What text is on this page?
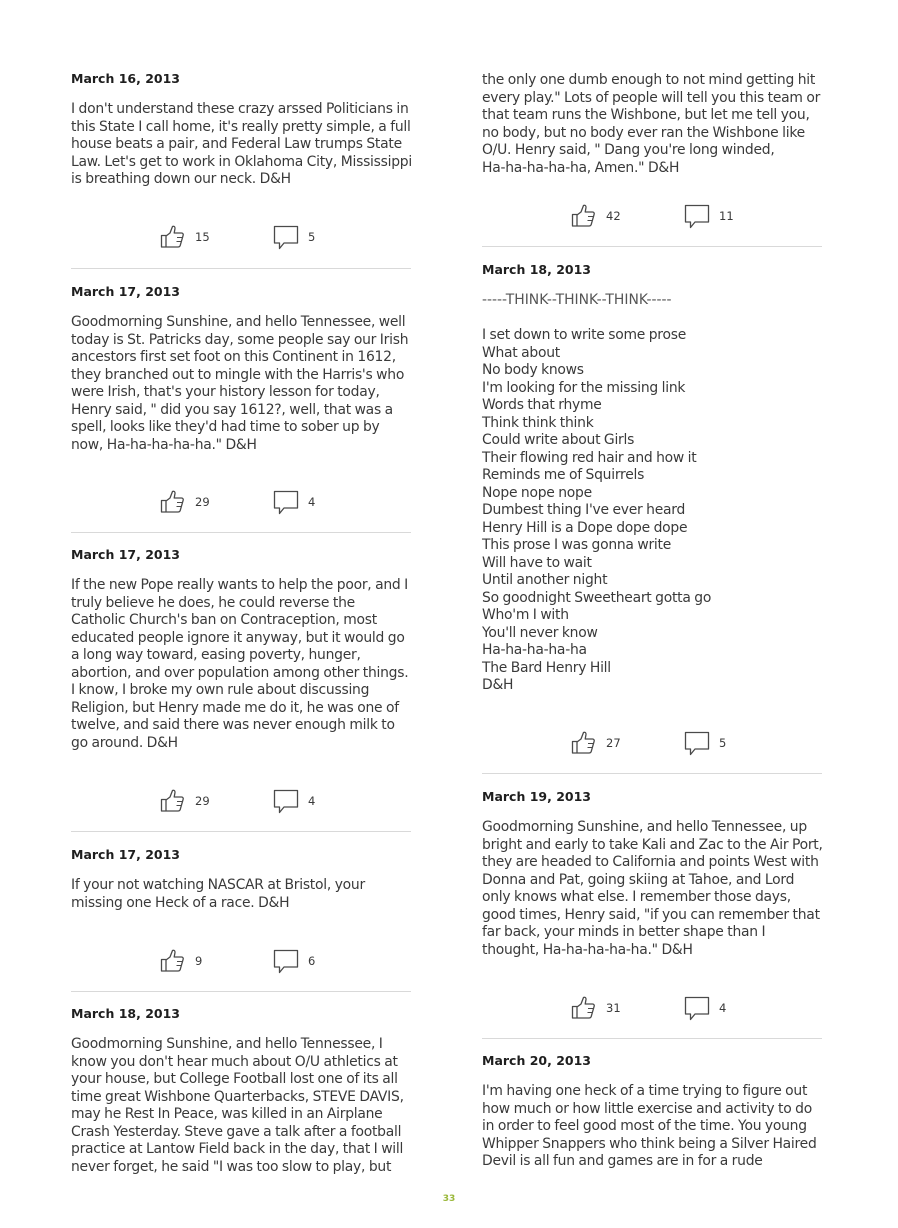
March 16, 2013
I don't understand these crazy arssed Politicians in
this State I call home, it's really pretty simple, a full
house beats a pair, and Federal Law trumps State
Law. Let's get to work in Oklahoma City, Mississippi
is breathing down our neck. D&H
15	5
March 17, 2013
Goodmorning Sunshine, and hello Tennessee, well
today is St. Patricks day, some people say our Irish
ancestors first set foot on this Continent in 1612,
they branched out to mingle with the Harris's who
were Irish, that's your history lesson for today,
Henry said, " did you say 1612?, well, that was a
spell, looks like they'd had time to sober up by
now, Ha-ha-ha-ha-ha." D&H
29	4
March 17, 2013
If the new Pope really wants to help the poor, and I
truly believe he does, he could reverse the
Catholic Church's ban on Contraception, most
educated people ignore it anyway, but it would go
a long way toward, easing poverty, hunger,
abortion, and over population among other things.
I know, I broke my own rule about discussing
Religion, but Henry made me do it, he was one of
twelve, and said there was never enough milk to
go around. D&H
29	4
March 17, 2013
If your not watching NASCAR at Bristol, your
missing one Heck of a race. D&H
9	6
March 18, 2013
Goodmorning Sunshine, and hello Tennessee, I
know you don't hear much about O/U athletics at
your house, but College Football lost one of its all
time great Wishbone Quarterbacks, STEVE DAVIS,
may he Rest In Peace, was killed in an Airplane
Crash Yesterday. Steve gave a talk after a football
practice at Lantow Field back in the day, that I will
never forget, he said "I was too slow to play, but
the only one dumb enough to not mind getting hit
every play." Lots of people will tell you this team or
that team runs the Wishbone, but let me tell you,
no body, but no body ever ran the Wishbone like
O/U. Henry said, " Dang you're long winded,
Ha-ha-ha-ha-ha, Amen." D&H
42	11
March 18, 2013
-----THINK--THINK--THINK-----
I set down to write some prose
What about
No body knows
I'm looking for the missing link
Words that rhyme
Think think think
Could write about Girls
Their flowing red hair and how it
Reminds me of Squirrels
Nope nope nope
Dumbest thing I've ever heard
Henry Hill is a Dope dope dope
This prose I was gonna write
Will have to wait
Until another night
So goodnight Sweetheart gotta go
Who'm I with
You'll never know
Ha-ha-ha-ha-ha
The Bard Henry Hill
D&H
27	5
March 19, 2013
Goodmorning Sunshine, and hello Tennessee, up
bright and early to take Kali and Zac to the Air Port,
they are headed to California and points West with
Donna and Pat, going skiing at Tahoe, and Lord
only knows what else. I remember those days,
good times, Henry said, "if you can remember that
far back, your minds in better shape than I
thought, Ha-ha-ha-ha-ha." D&H
31	4
March 20, 2013
I'm having one heck of a time trying to figure out
how much or how little exercise and activity to do
in order to feel good most of the time. You young
Whipper Snappers who think being a Silver Haired
Devil is all fun and games are in for a rude
33
